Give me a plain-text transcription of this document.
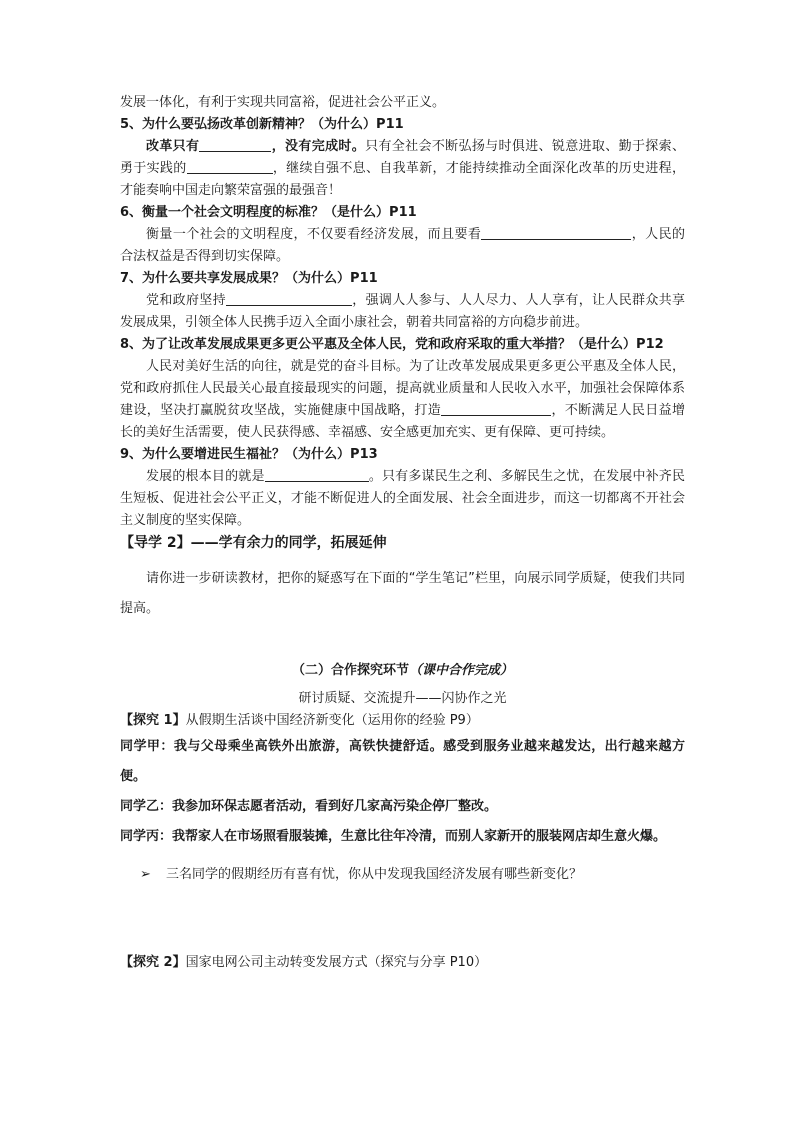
发展一体化，有利于实现共同富裕，促进社会公平正义。

5、为什么要弘扬改革创新精神？（为什么）P11

改革只有	，没有完成时。只有全社会不断弘扬与时俱进、锐意进取、勤于探索、勇于实践的	，继续自强不息、自我革新，才能持续推动全面深化改革的历史进程，才能奏响中国走向繁荣富强的最强音！

6、衡量一个社会文明程度的标准？（是什么）P11

衡量一个社会的文明程度，不仅要看经济发展，而且要看	，人民的合法权益是否得到切实保障。

7、为什么要共享发展成果？（为什么）P11

党和政府坚持	，强调人人参与、人人尽力、人人享有，让人民群众共享发展成果，引领全体人民携手迈入全面小康社会，朝着共同富裕的方向稳步前进。

8、为了让改革发展成果更多更公平惠及全体人民，党和政府采取的重大举措？（是什么）P12

人民对美好生活的向往，就是党的奋斗目标。为了让改革发展成果更多更公平惠及全体人民，党和政府抓住人民最关心最直接最现实的问题，提高就业质量和人民收入水平，加强社会保障体系建设，坚决打赢脱贫攻坚战，实施健康中国战略，打造	，不断满足人民日益增长的美好生活需要，使人民获得感、幸福感、安全感更加充实、更有保障、更可持续。

9、为什么要增进民生福祉？（为什么）P13

发展的根本目的就是	。只有多谋民生之利、多解民生之忧，在发展中补齐民生短板、促进社会公平正义，才能不断促进人的全面发展、社会全面进步，而这一切都离不开社会主义制度的坚实保障。

【导学 2】——学有余力的同学，拓展延伸

请你进一步研读教材，把你的疑惑写在下面的“学生笔记”栏里，向展示同学质疑，使我们共同提高。

（二）合作探究环节（课中合作完成）

研讨质疑、交流提升——闪协作之光

【探究 1】从假期生活谈中国经济新变化（运用你的经验 P9）

同学甲：我与父母乘坐高铁外出旅游，高铁快捷舒适。感受到服务业越来越发达，出行越来越方便。

同学乙：我参加环保志愿者活动，看到好几家高污染企停厂整改。

同学丙：我帮家人在市场照看服装摊，生意比往年冷清，而别人家新开的服装网店却生意火爆。

➢ 三名同学的假期经历有喜有忧，你从中发现我国经济发展有哪些新变化？

【探究 2】国家电网公司主动转变发展方式（探究与分享 P10）
